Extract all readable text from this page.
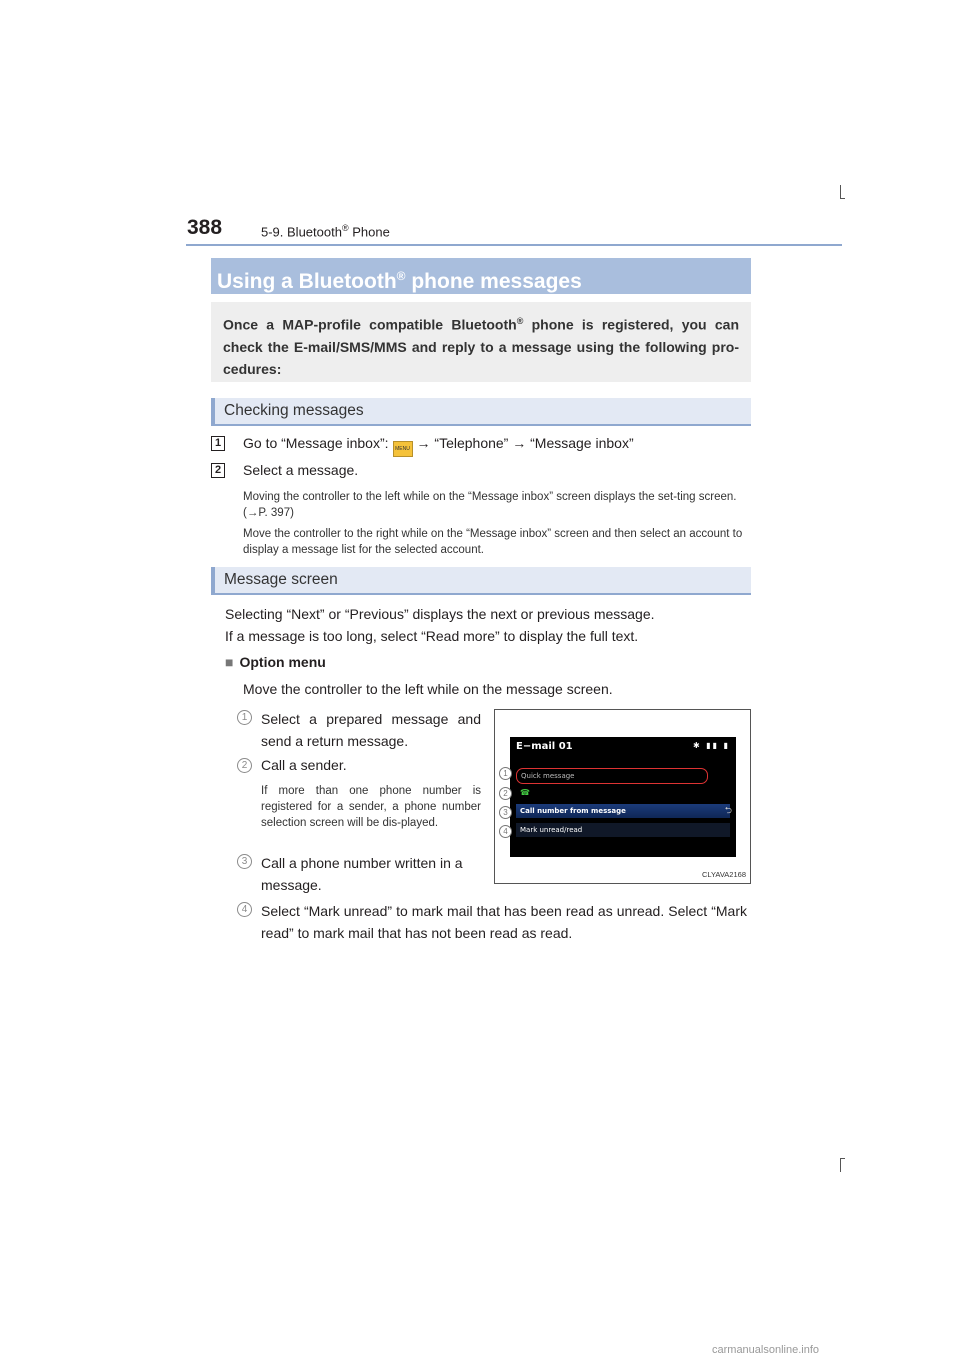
388	5-9. Bluetooth® Phone
Using a Bluetooth® phone messages
Once a MAP-profile compatible Bluetooth® phone is registered, you can check the E-mail/SMS/MMS and reply to a message using the following pro-cedures:
Checking messages
1 Go to “Message inbox”: MENU → “Telephone” → “Message inbox”
2 Select a message.
Moving the controller to the left while on the “Message inbox” screen displays the set-ting screen. (→P. 397)
Move the controller to the right while on the “Message inbox” screen and then select an account to display a message list for the selected account.
Message screen
Selecting “Next” or “Previous” displays the next or previous message.
If a message is too long, select “Read more” to display the full text.
■ Option menu
Move the controller to the left while on the message screen.
1 Select a prepared message and send a return message.
2 Call a sender.
If more than one phone number is registered for a sender, a phone number selection screen will be dis-played.
3 Call a phone number written in a message.
4 Select “Mark unread” to mark mail that has been read as unread. Select “Mark read” to mark mail that has not been read as read.
E−mail 01	✱ ▮▮ ▮
Quick message
☎
Call number from message
Mark unread/read
⮌
1
2
3
4
CLYAVA2168
carmanualsonline.info
